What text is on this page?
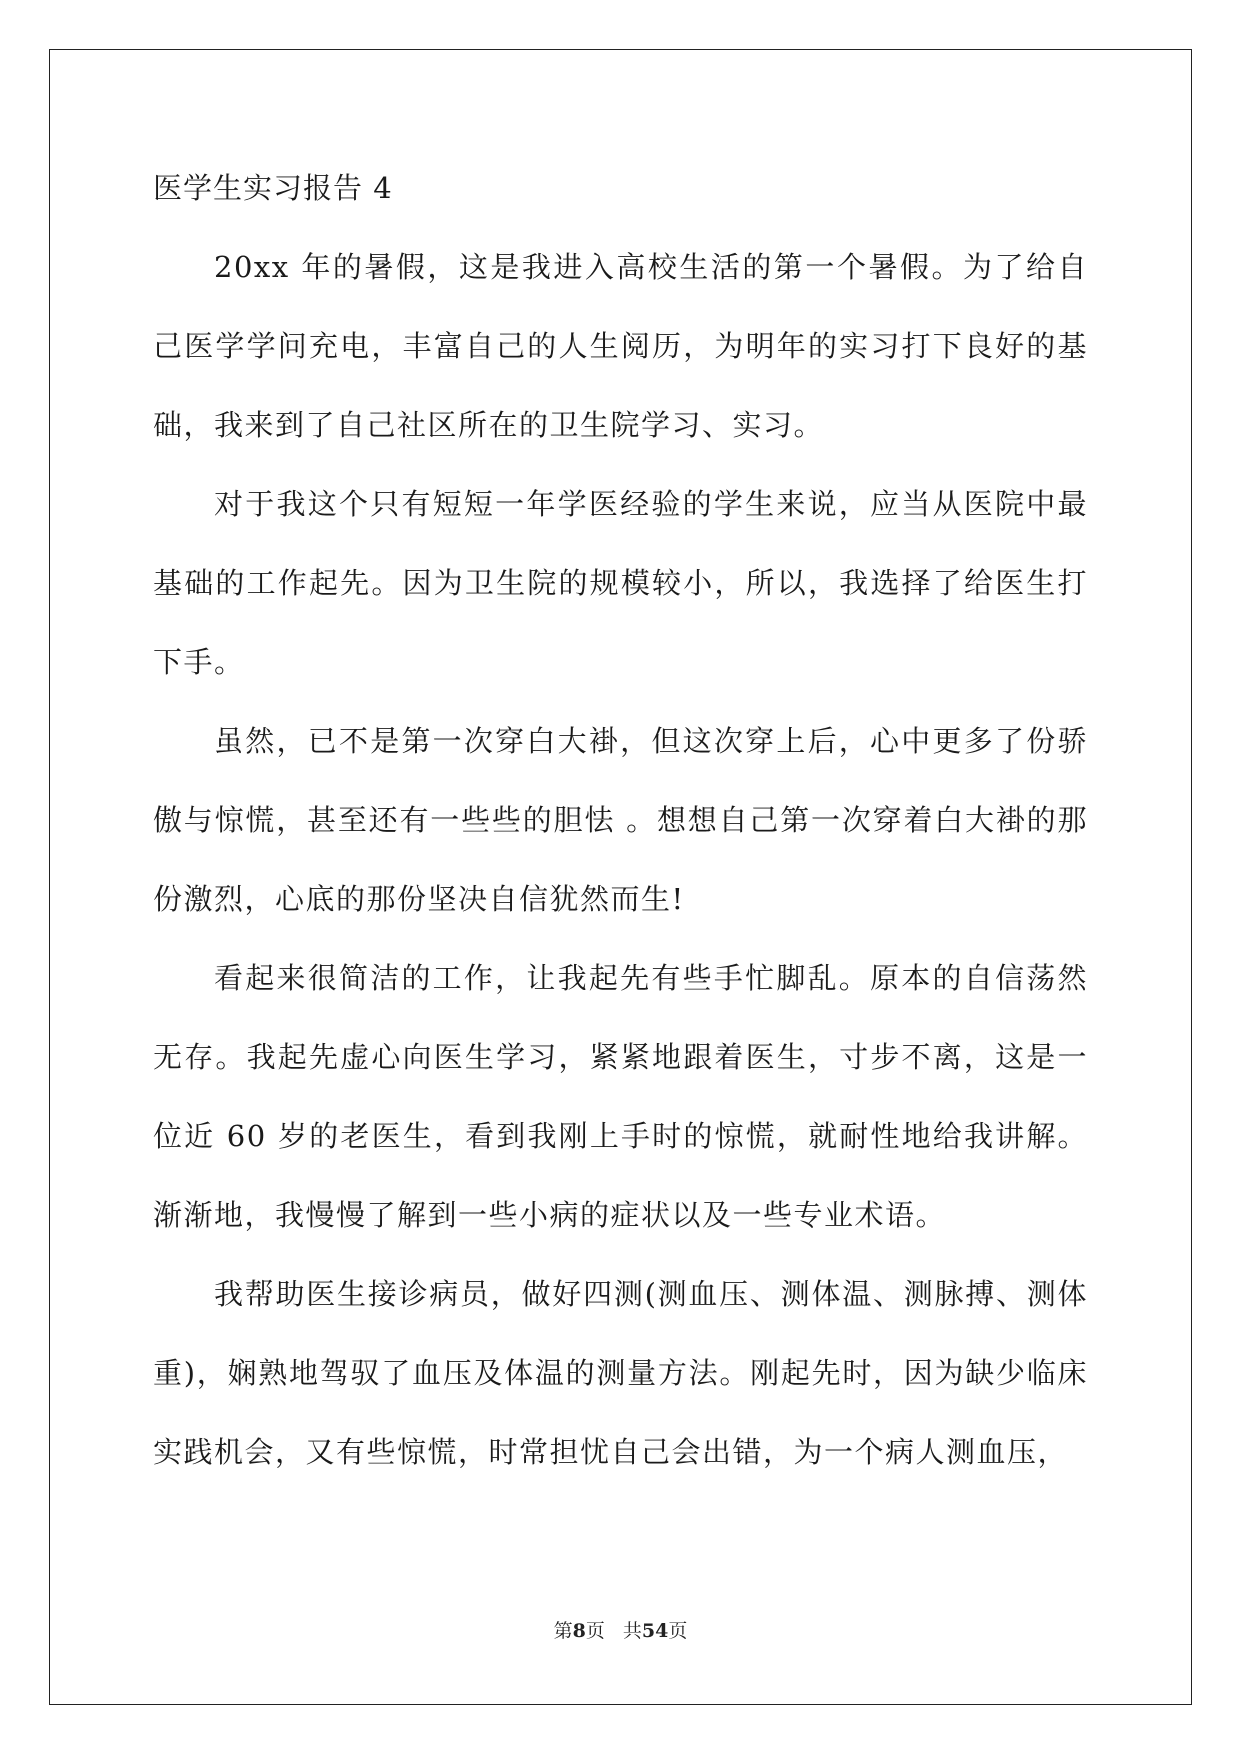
医学生实习报告 4

20xx 年的暑假，这是我进入高校生活的第一个暑假。为了给自己医学学问充电，丰富自己的人生阅历，为明年的实习打下良好的基础，我来到了自己社区所在的卫生院学习、实习。

对于我这个只有短短一年学医经验的学生来说，应当从医院中最基础的工作起先。因为卫生院的规模较小，所以，我选择了给医生打下手。

虽然，已不是第一次穿白大褂，但这次穿上后，心中更多了份骄傲与惊慌，甚至还有一些些的胆怯 。想想自己第一次穿着白大褂的那份激烈，心底的那份坚决自信犹然而生!

看起来很简洁的工作，让我起先有些手忙脚乱。原本的自信荡然无存。我起先虚心向医生学习，紧紧地跟着医生，寸步不离，这是一位近 60 岁的老医生，看到我刚上手时的惊慌，就耐性地给我讲解。渐渐地，我慢慢了解到一些小病的症状以及一些专业术语。

我帮助医生接诊病员，做好四测(测血压、测体温、测脉搏、测体重)，娴熟地驾驭了血压及体温的测量方法。刚起先时，因为缺少临床实践机会，又有些惊慌，时常担忧自己会出错，为一个病人测血压，

第8页 共54页
